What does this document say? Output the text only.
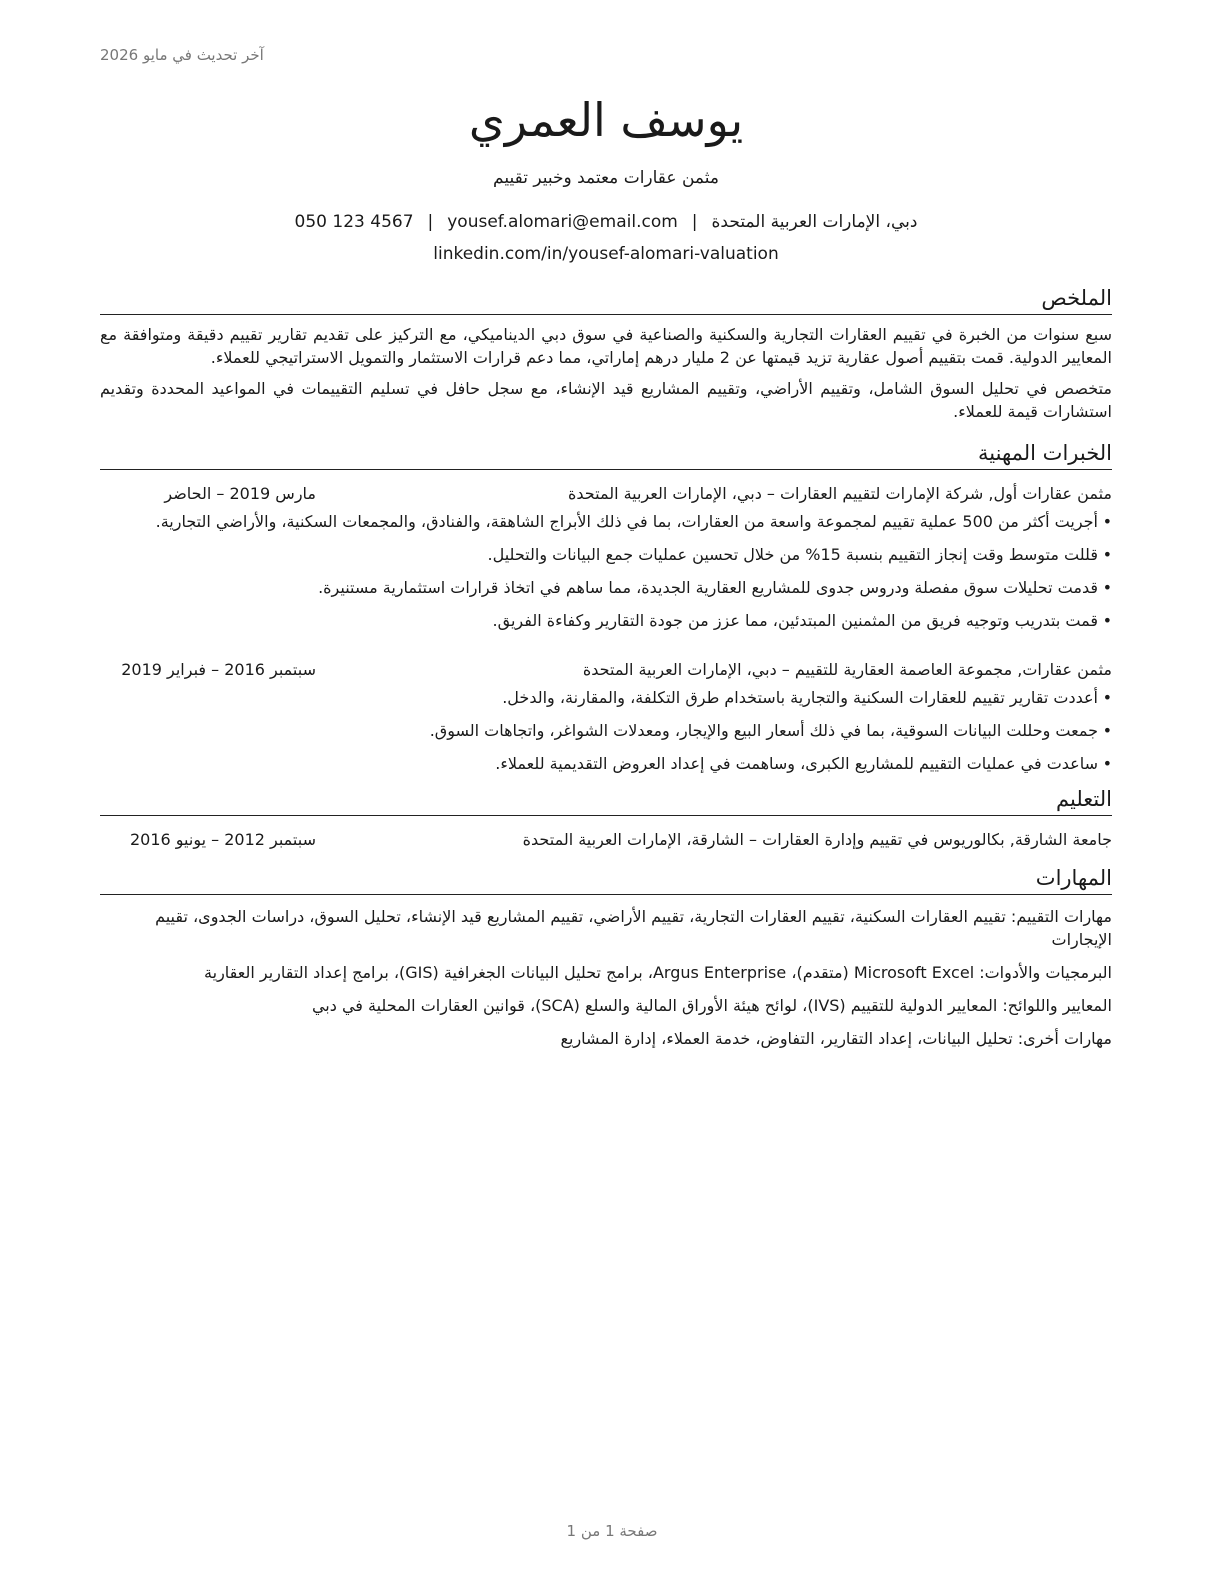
آخر تحديث في مايو 2026
يوسف العمري
مثمن عقارات معتمد وخبير تقييم
دبي، الإمارات العربية المتحدة|yousef.alomari@email.com|050 123 4567
linkedin.com/in/yousef-alomari-valuation
الملخص

سبع سنوات من الخبرة في تقييم العقارات التجارية والسكنية والصناعية في سوق دبي الديناميكي، مع التركيز على تقديم تقارير تقييم دقيقة ومتوافقة مع المعايير الدولية. قمت بتقييم أصول عقارية تزيد قيمتها عن 2 مليار درهم إماراتي، مما دعم قرارات الاستثمار والتمويل الاستراتيجي للعملاء.

متخصص في تحليل السوق الشامل، وتقييم الأراضي، وتقييم المشاريع قيد الإنشاء، مع سجل حافل في تسليم التقييمات في المواعيد المحددة وتقديم استشارات قيمة للعملاء.

الخبرات المهنية
مثمن عقارات أول, شركة الإمارات لتقييم العقارات – دبي، الإمارات العربية المتحدة
مارس 2019 – الحاضر
• أجريت أكثر من 500 عملية تقييم لمجموعة واسعة من العقارات، بما في ذلك الأبراج الشاهقة، والفنادق، والمجمعات السكنية، والأراضي التجارية.
• قللت متوسط وقت إنجاز التقييم بنسبة 15% من خلال تحسين عمليات جمع البيانات والتحليل.
• قدمت تحليلات سوق مفصلة ودروس جدوى للمشاريع العقارية الجديدة، مما ساهم في اتخاذ قرارات استثمارية مستنيرة.
• قمت بتدريب وتوجيه فريق من المثمنين المبتدئين، مما عزز من جودة التقارير وكفاءة الفريق.
مثمن عقارات, مجموعة العاصمة العقارية للتقييم – دبي، الإمارات العربية المتحدة
سبتمبر 2016 – فبراير 2019
• أعددت تقارير تقييم للعقارات السكنية والتجارية باستخدام طرق التكلفة، والمقارنة، والدخل.
• جمعت وحللت البيانات السوقية، بما في ذلك أسعار البيع والإيجار، ومعدلات الشواغر، واتجاهات السوق.
• ساعدت في عمليات التقييم للمشاريع الكبرى، وساهمت في إعداد العروض التقديمية للعملاء.
التعليم
جامعة الشارقة, بكالوريوس في تقييم وإدارة العقارات – الشارقة، الإمارات العربية المتحدة
سبتمبر 2012 – يونيو 2016
المهارات
مهارات التقييم: تقييم العقارات السكنية، تقييم العقارات التجارية، تقييم الأراضي، تقييم المشاريع قيد الإنشاء، تحليل السوق، دراسات الجدوى، تقييم الإيجارات
البرمجيات والأدوات: Microsoft Excel (متقدم)، Argus Enterprise، برامج تحليل البيانات الجغرافية (GIS)، برامج إعداد التقارير العقارية
المعايير واللوائح: المعايير الدولية للتقييم (IVS)، لوائح هيئة الأوراق المالية والسلع (SCA)، قوانين العقارات المحلية في دبي
مهارات أخرى: تحليل البيانات، إعداد التقارير، التفاوض، خدمة العملاء، إدارة المشاريع
صفحة 1 من 1
